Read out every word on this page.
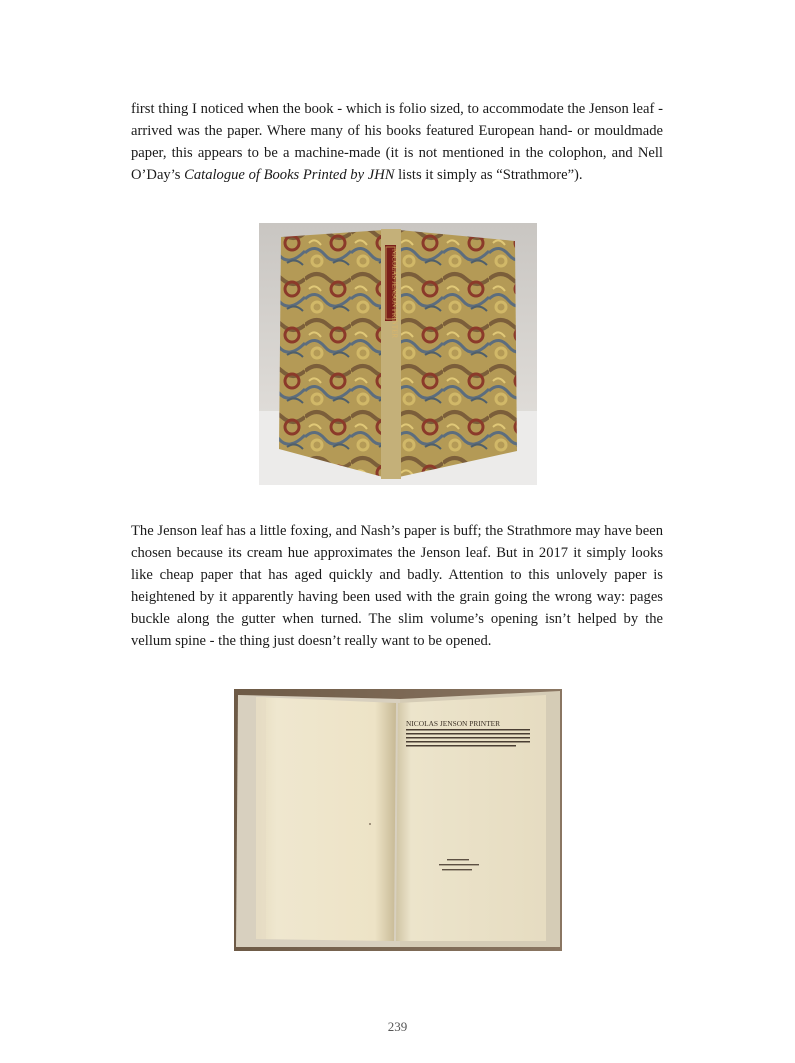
first thing I noticed when the book - which is folio sized, to accommodate the Jenson leaf - arrived was the paper. Where many of his books featured European hand- or mouldmade paper, this appears to be a machine-made (it is not mentioned in the colophon, and Nell O’Day’s Catalogue of Books Printed by JHN lists it simply as “Strathmore”).

NICOLAS JENSON PRINTER

The Jenson leaf has a little foxing, and Nash’s paper is buff; the Strathmore may have been chosen because its cream hue approximates the Jenson leaf. But in 2017 it simply looks like cheap paper that has aged quickly and badly. Attention to this unlovely paper is heightened by it apparently having been used with the grain going the wrong way: pages buckle along the gutter when turned. The slim volume’s opening isn’t helped by the vellum spine - the thing just doesn’t really want to be opened.

NICOLAS JENSON PRINTER
239
